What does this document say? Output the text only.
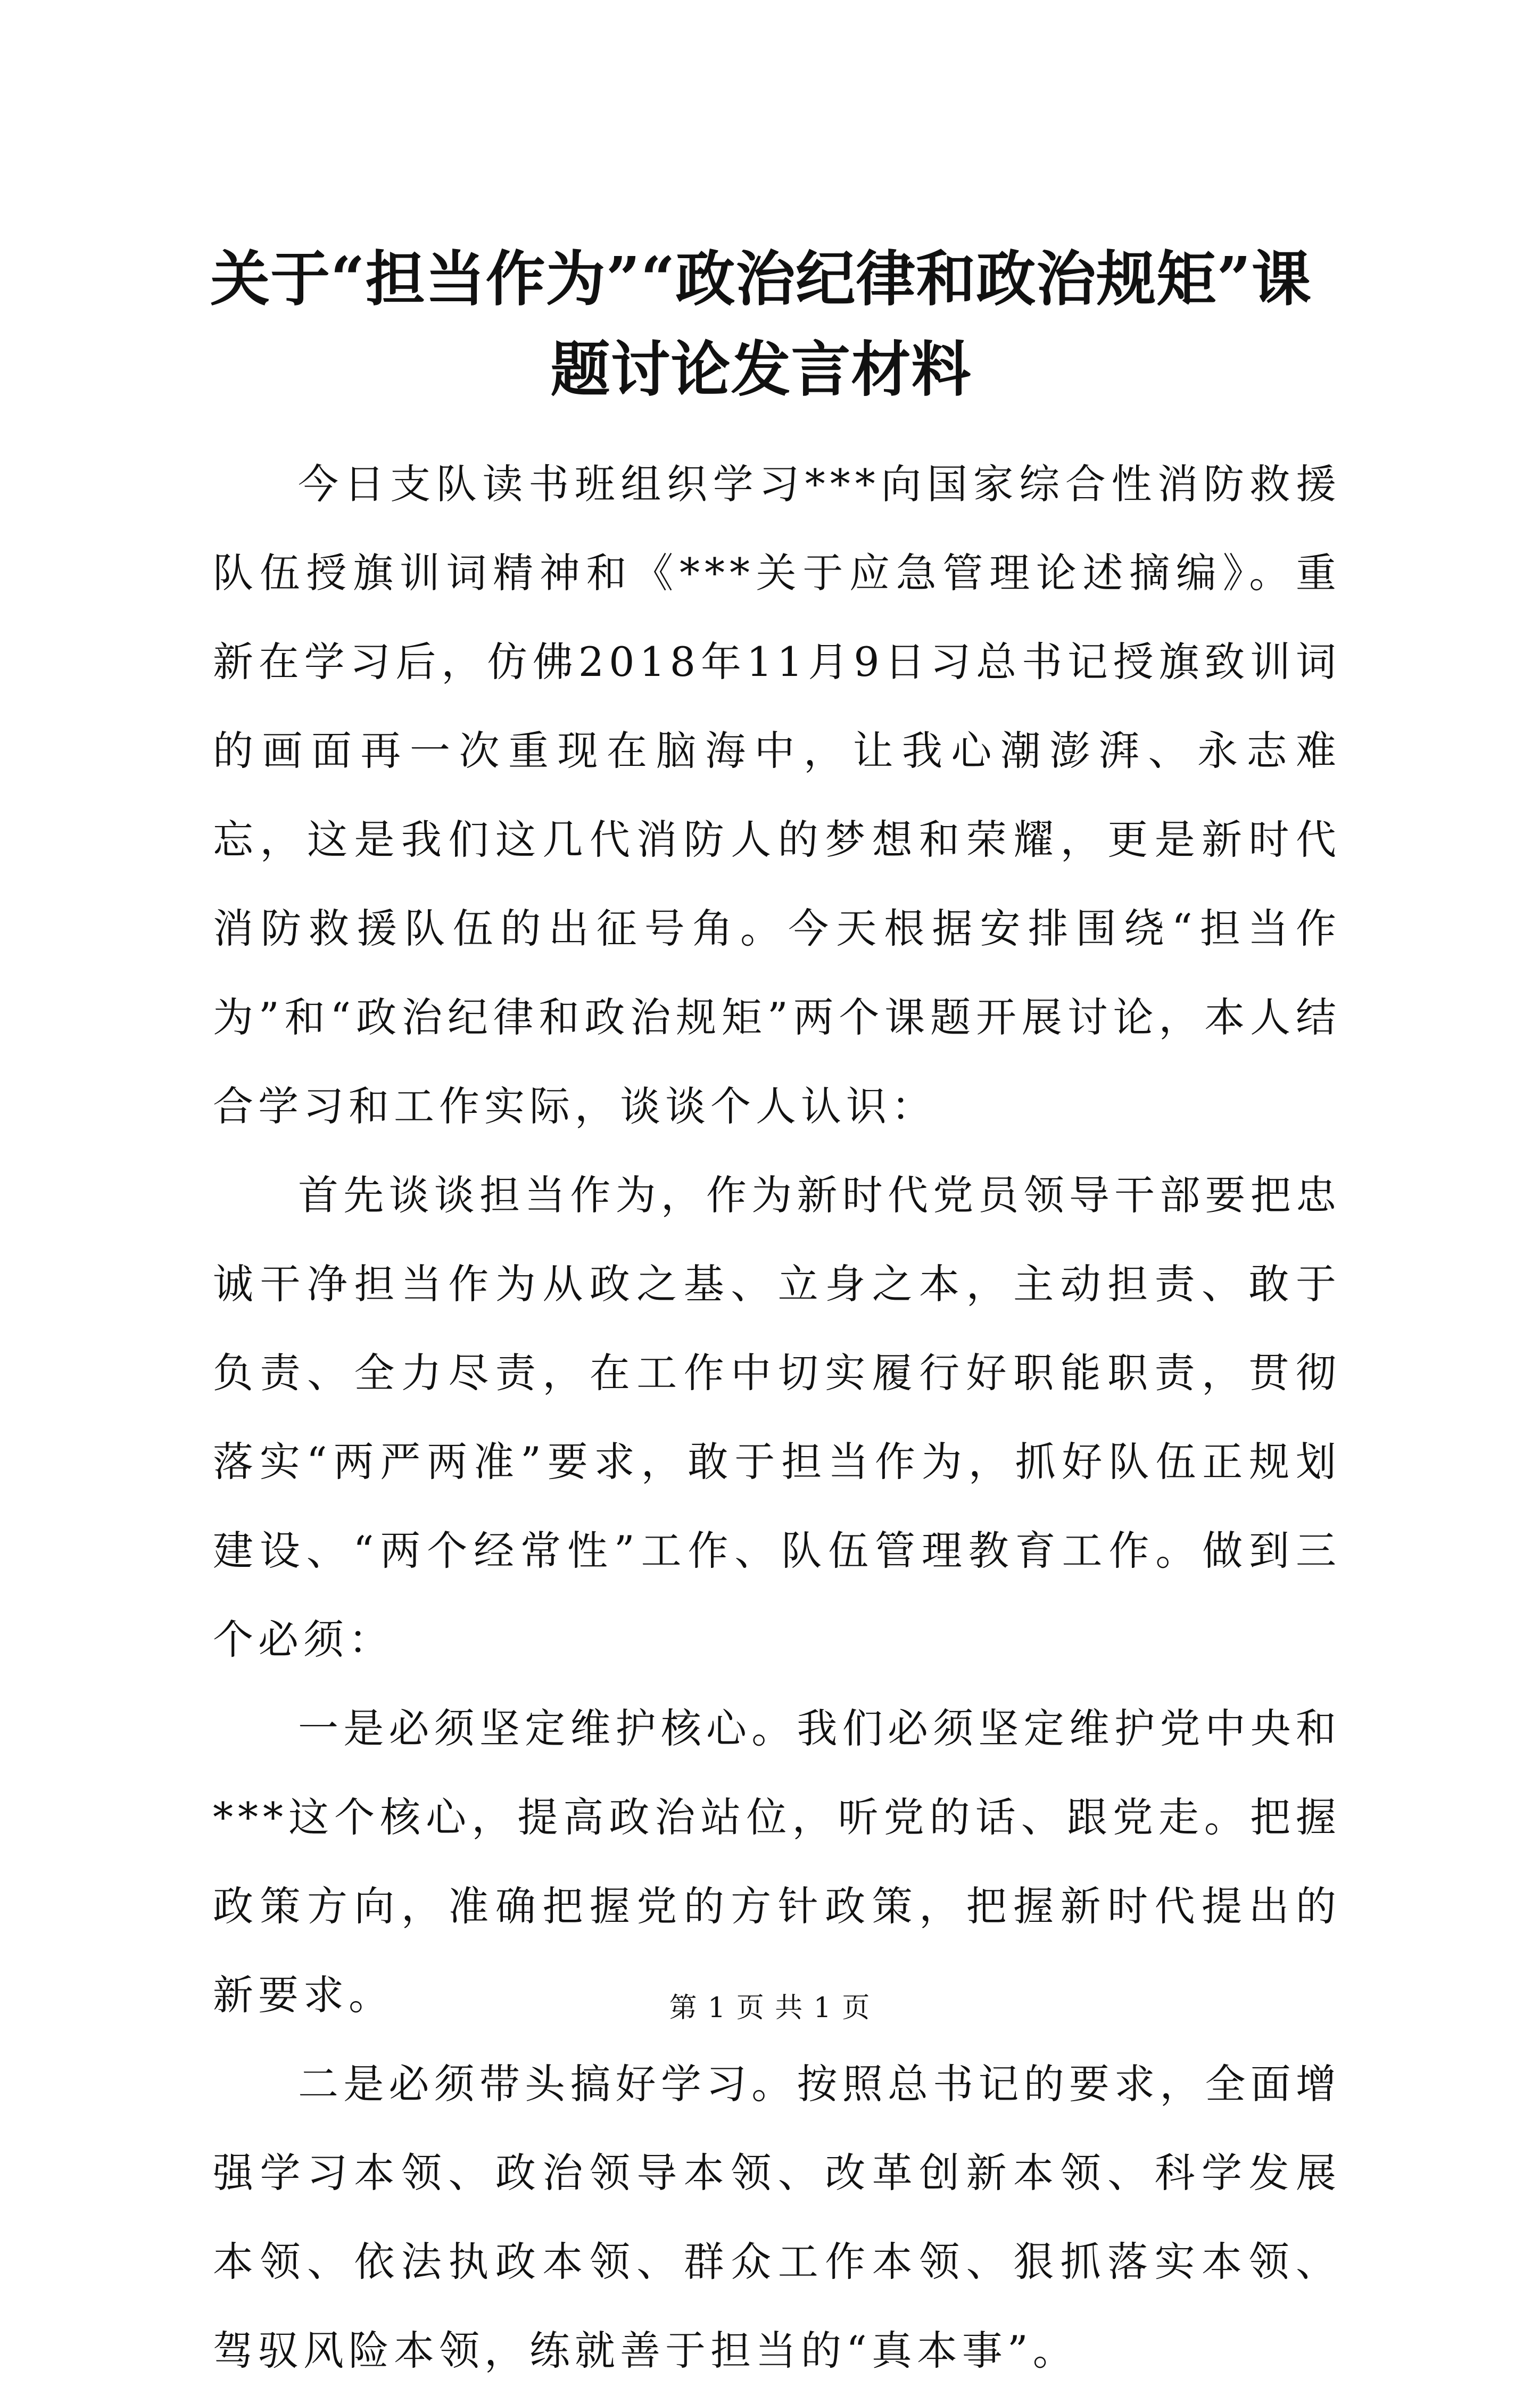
关于“担当作为”“政治纪律和政治规矩”课
题讨论发言材料

今日支队读书班组织学习***向国家综合性消防救援队伍授旗训词精神和《***关于应急管理论述摘编》。重新在学习后，仿佛2018年11月9日习总书记授旗致训词的画面再一次重现在脑海中，让我心潮澎湃、永志难忘，这是我们这几代消防人的梦想和荣耀，更是新时代消防救援队伍的出征号角。今天根据安排围绕“担当作为”和“政治纪律和政治规矩”两个课题开展讨论，本人结合学习和工作实际，谈谈个人认识：

首先谈谈担当作为，作为新时代党员领导干部要把忠诚干净担当作为从政之基、立身之本，主动担责、敢于负责、全力尽责，在工作中切实履行好职能职责，贯彻落实“两严两准”要求，敢于担当作为，抓好队伍正规划建设、“两个经常性”工作、队伍管理教育工作。做到三个必须：

一是必须坚定维护核心。我们必须坚定维护党中央和***这个核心，提高政治站位，听党的话、跟党走。把握政策方向，准确把握党的方针政策，把握新时代提出的新要求。

二是必须带头搞好学习。按照总书记的要求，全面增强学习本领、政治领导本领、改革创新本领、科学发展本领、依法执政本领、群众工作本领、狠抓落实本领、驾驭风险本领，练就善于担当的“真本事”。

第 1 页 共 1 页
